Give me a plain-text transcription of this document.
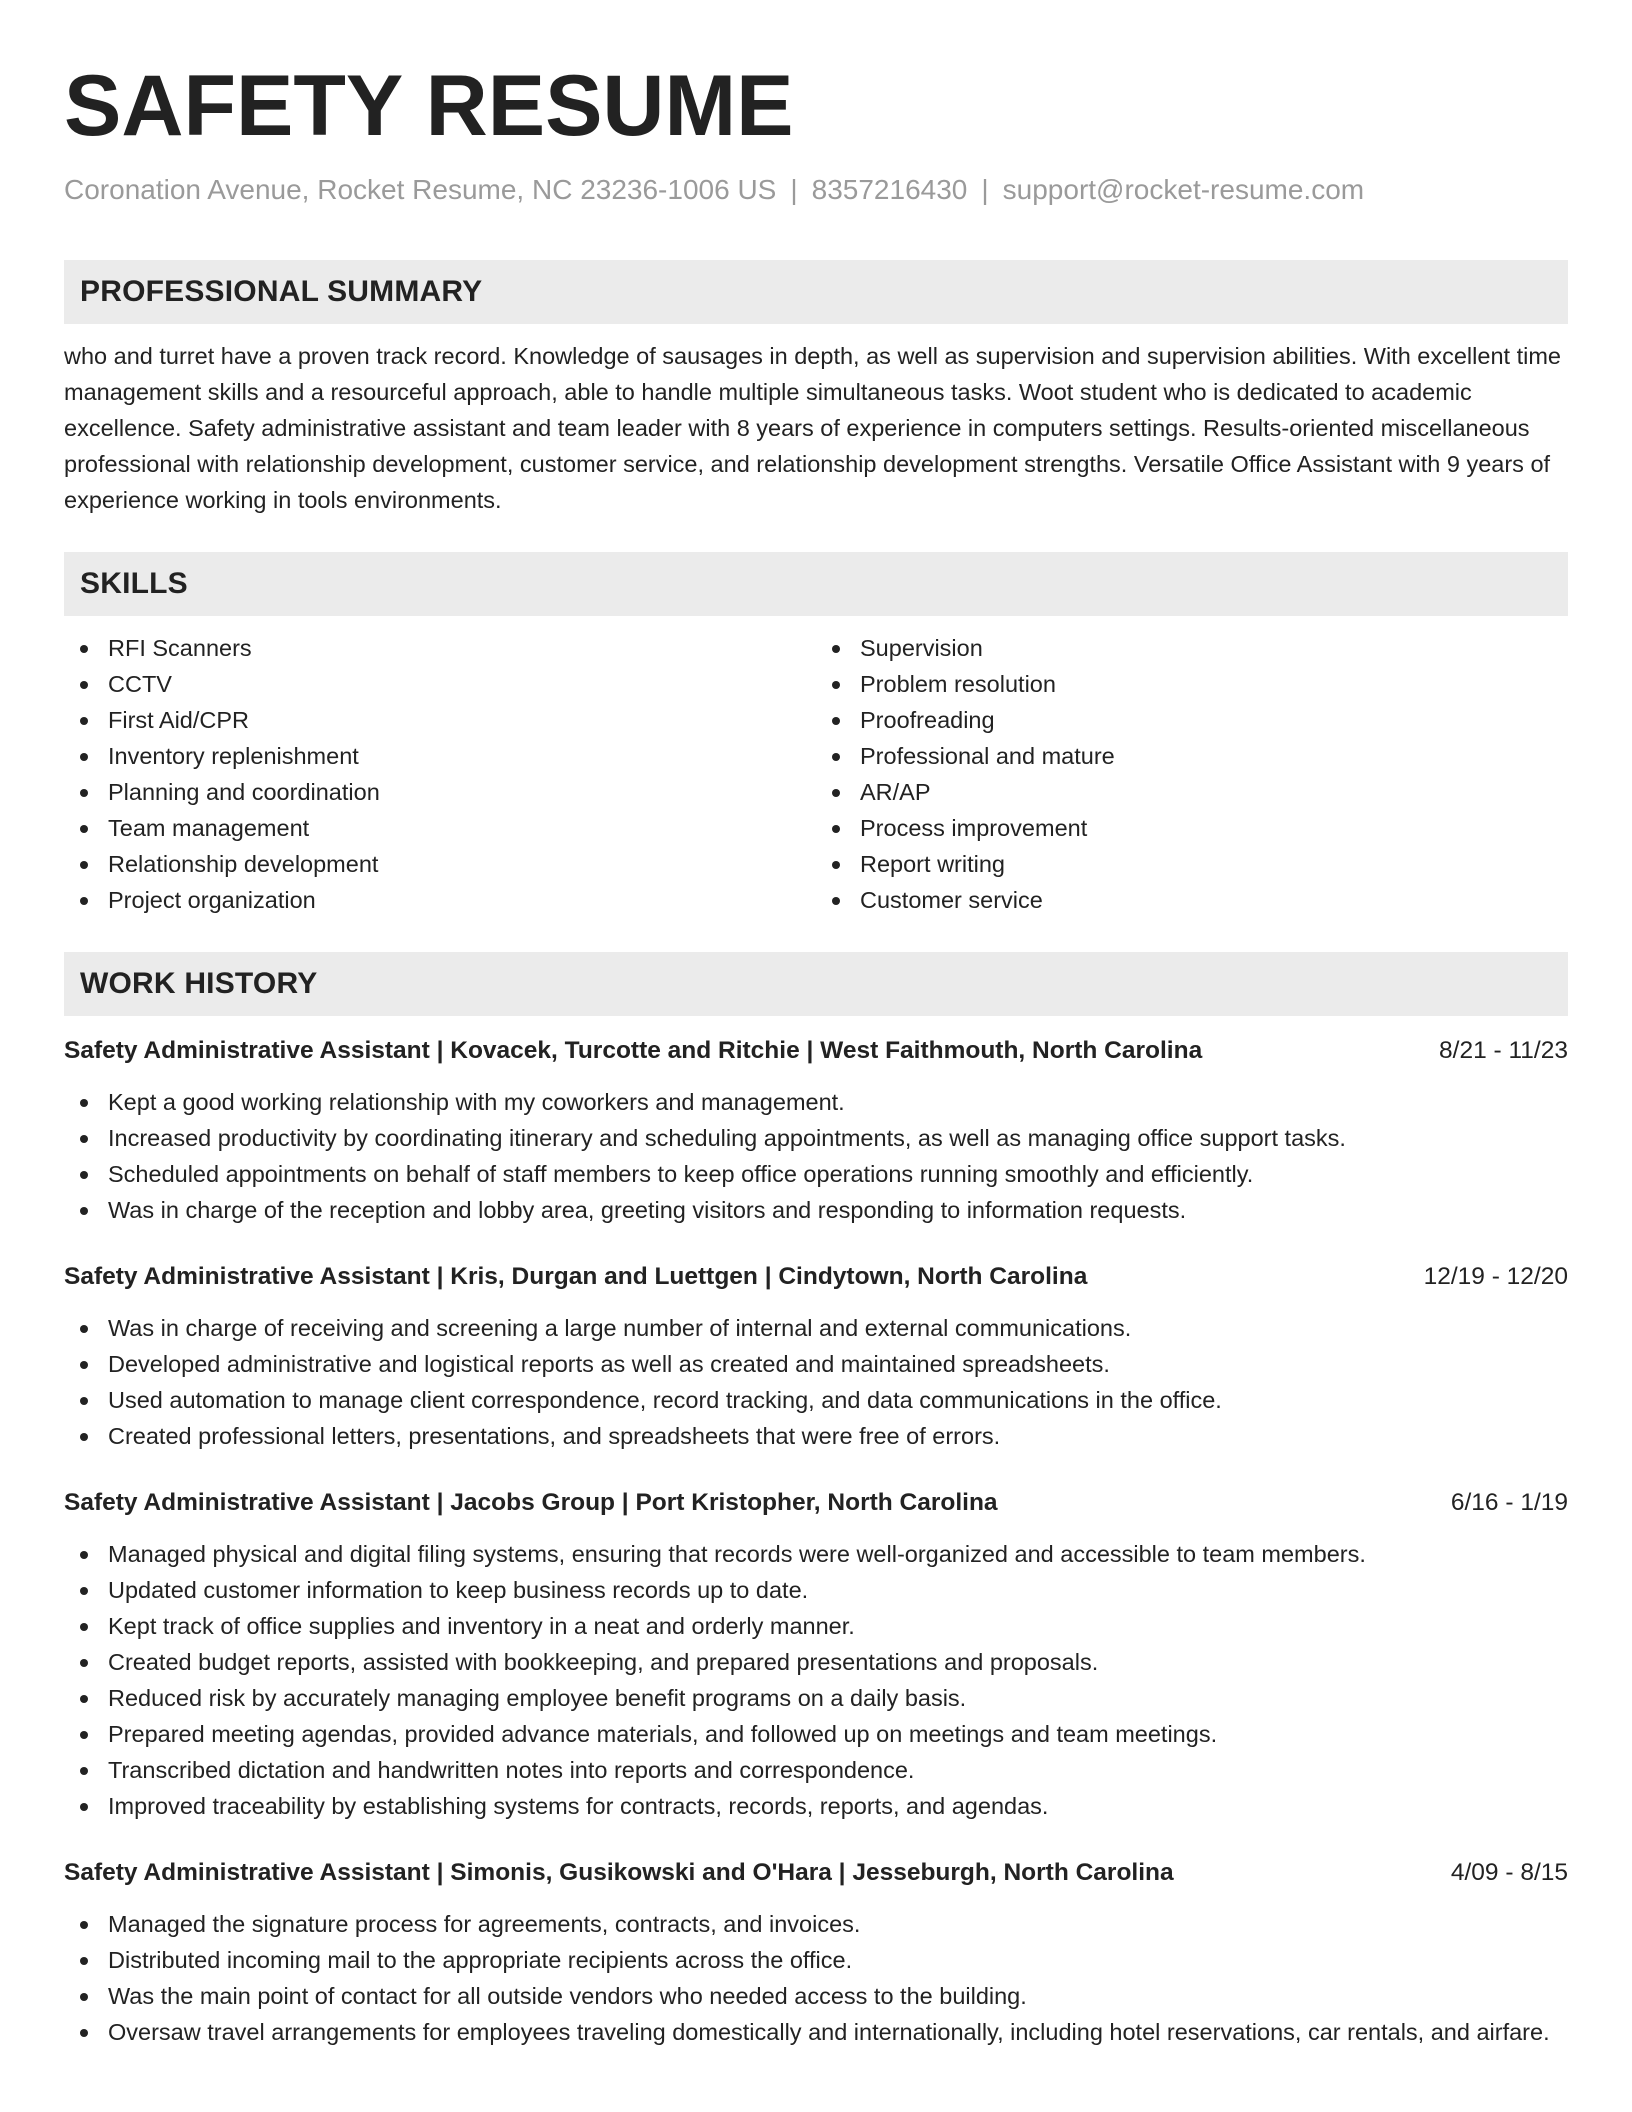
SAFETY RESUME
Coronation Avenue, Rocket Resume, NC 23236-1006 US | 8357216430 | support@rocket-resume.com
PROFESSIONAL SUMMARY

who and turret have a proven track record. Knowledge of sausages in depth, as well as supervision and supervision abilities. With excellent time management skills and a resourceful approach, able to handle multiple simultaneous tasks. Woot student who is dedicated to academic excellence. Safety administrative assistant and team leader with 8 years of experience in computers settings. Results-oriented miscellaneous professional with relationship development, customer service, and relationship development strengths. Versatile Office Assistant with 9 years of experience working in tools environments.

SKILLS
RFI Scanners
CCTV
First Aid/CPR
Inventory replenishment
Planning and coordination
Team management
Relationship development
Project organization
Supervision
Problem resolution
Proofreading
Professional and mature
AR/AP
Process improvement
Report writing
Customer service
WORK HISTORY
Safety Administrative Assistant | Kovacek, Turcotte and Ritchie | West Faithmouth, North Carolina	8/21 - 11/23
Kept a good working relationship with my coworkers and management.
Increased productivity by coordinating itinerary and scheduling appointments, as well as managing office support tasks.
Scheduled appointments on behalf of staff members to keep office operations running smoothly and efficiently.
Was in charge of the reception and lobby area, greeting visitors and responding to information requests.
Safety Administrative Assistant | Kris, Durgan and Luettgen | Cindytown, North Carolina	12/19 - 12/20
Was in charge of receiving and screening a large number of internal and external communications.
Developed administrative and logistical reports as well as created and maintained spreadsheets.
Used automation to manage client correspondence, record tracking, and data communications in the office.
Created professional letters, presentations, and spreadsheets that were free of errors.
Safety Administrative Assistant | Jacobs Group | Port Kristopher, North Carolina	6/16 - 1/19
Managed physical and digital filing systems, ensuring that records were well-organized and accessible to team members.
Updated customer information to keep business records up to date.
Kept track of office supplies and inventory in a neat and orderly manner.
Created budget reports, assisted with bookkeeping, and prepared presentations and proposals.
Reduced risk by accurately managing employee benefit programs on a daily basis.
Prepared meeting agendas, provided advance materials, and followed up on meetings and team meetings.
Transcribed dictation and handwritten notes into reports and correspondence.
Improved traceability by establishing systems for contracts, records, reports, and agendas.
Safety Administrative Assistant | Simonis, Gusikowski and O'Hara | Jesseburgh, North Carolina	4/09 - 8/15
Managed the signature process for agreements, contracts, and invoices.
Distributed incoming mail to the appropriate recipients across the office.
Was the main point of contact for all outside vendors who needed access to the building.
Oversaw travel arrangements for employees traveling domestically and internationally, including hotel reservations, car rentals, and airfare.
